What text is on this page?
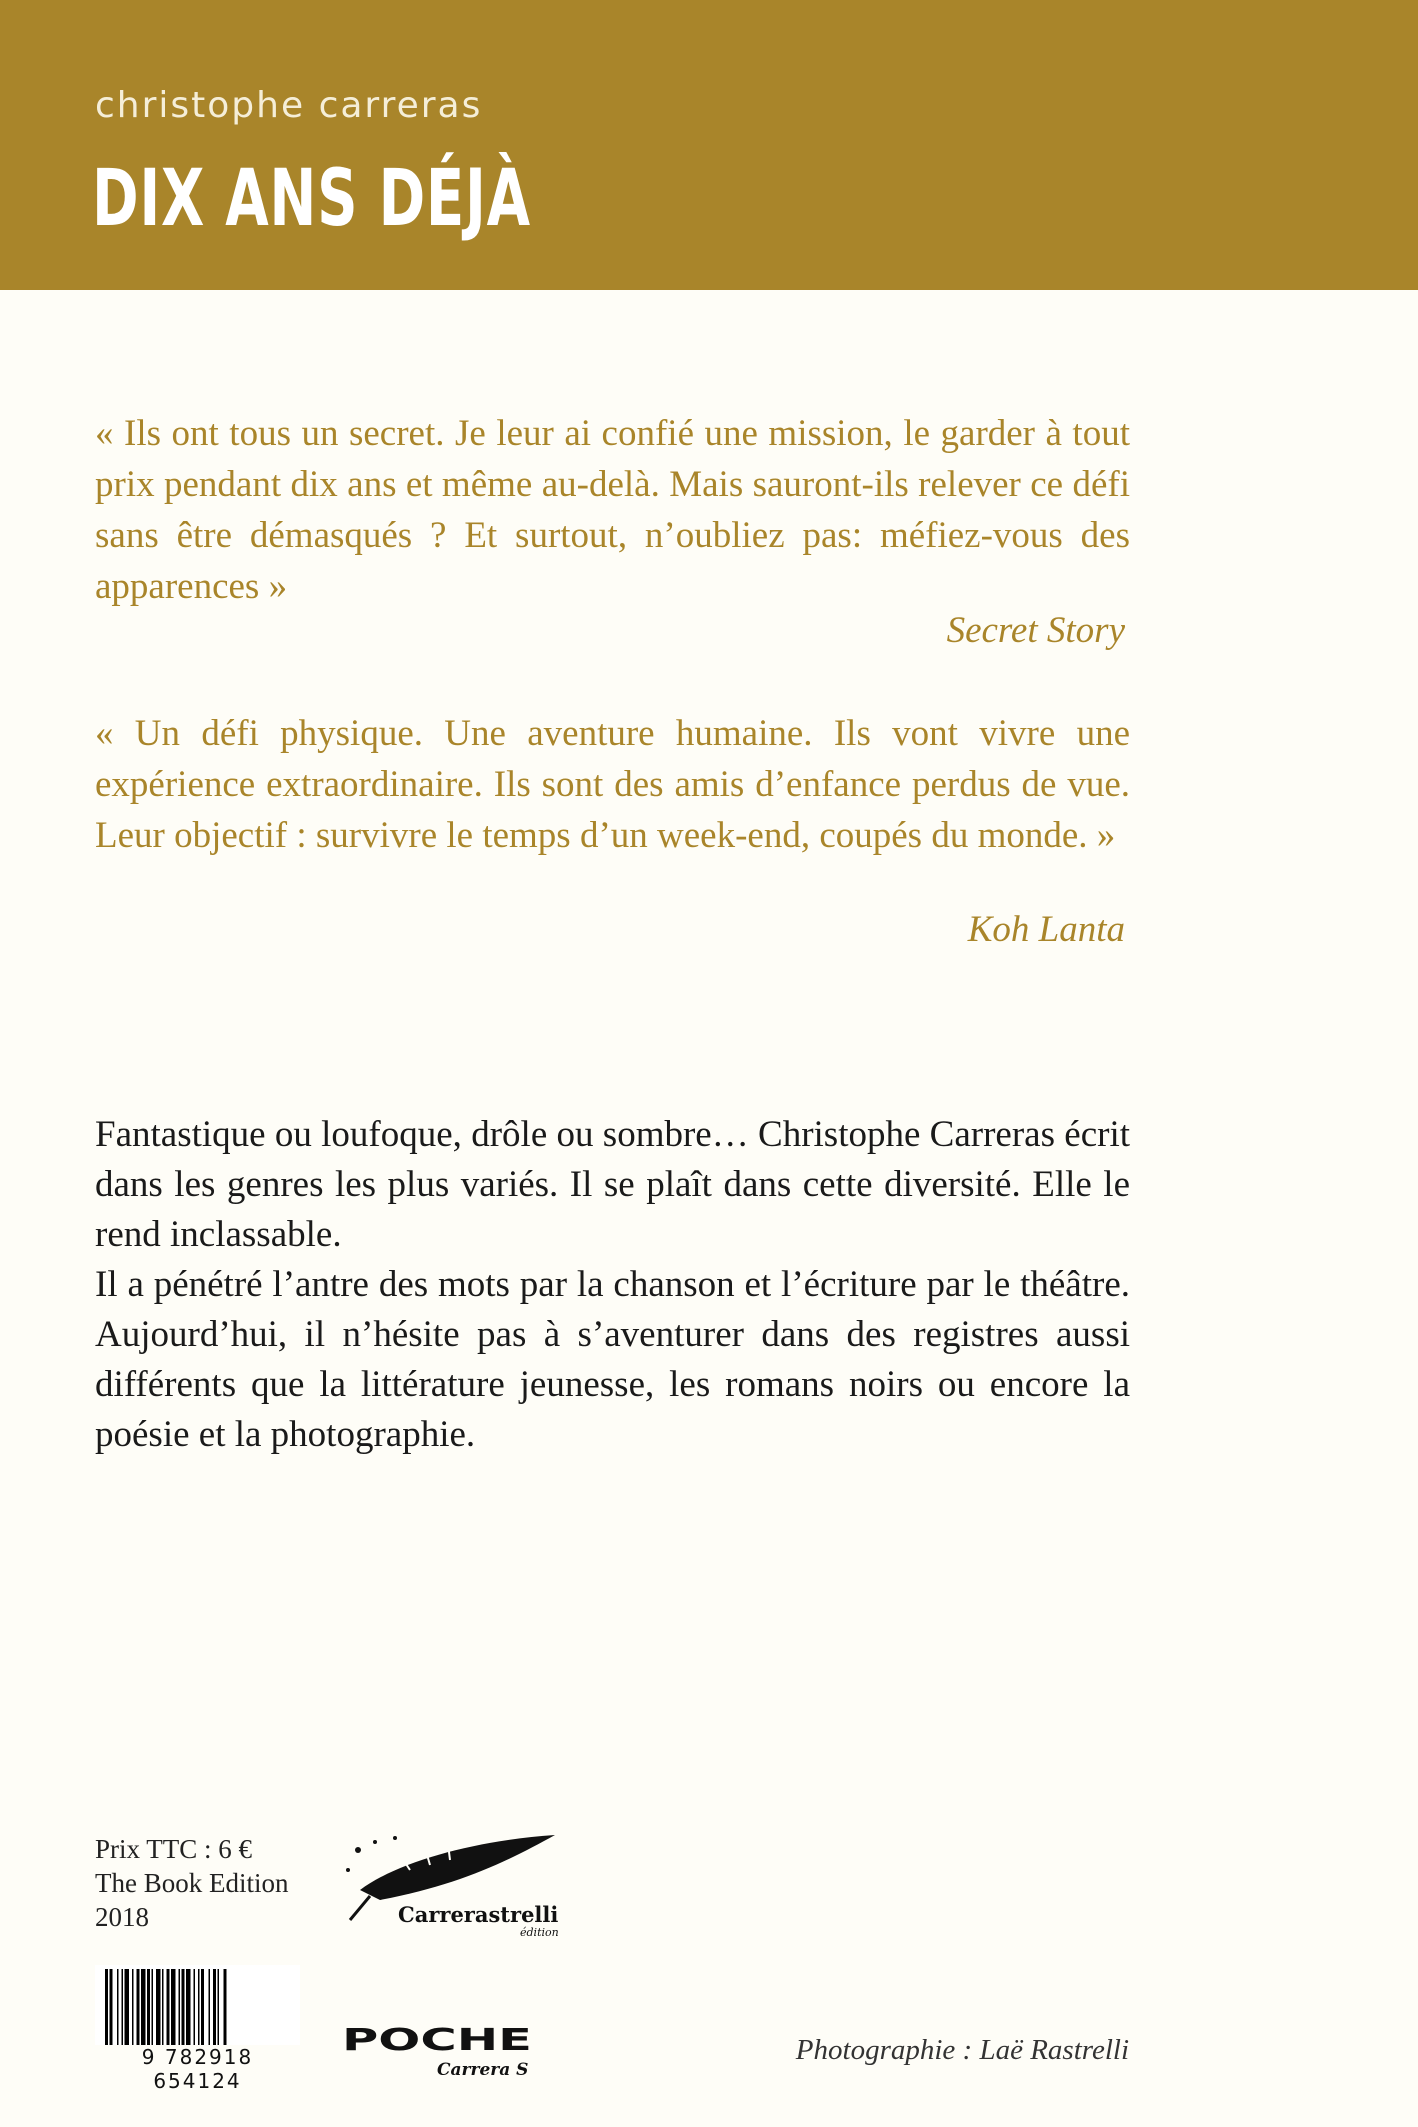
christophe carreras
DIX ANS DÉJÀ
« Ils ont tous un secret. Je leur ai confié une mission, le garder à tout prix pendant dix ans et même au-delà. Mais sauront-ils relever ce défi sans être démasqués ? Et surtout, n’oubliez pas: méfiez-vous des apparences »
Secret Story
« Un défi physique. Une aventure humaine. Ils vont vivre une expérience extraordinaire. Ils sont des amis d’enfance perdus de vue. Leur objectif : survivre le temps d’un week-end, coupés du monde. »
Koh Lanta

Fantastique ou loufoque, drôle ou sombre… Christophe Carreras écrit dans les genres les plus variés. Il se plaît dans cette diversité. Elle le rend inclassable.

Il a pénétré l’antre des mots par la chanson et l’écriture par le théâtre. Aujourd’hui, il n’hésite pas à s’aventurer dans des registres aussi différents que la littérature jeunesse, les romans noirs ou encore la poésie et la photographie.

Prix TTC : 6 €
The Book Edition
2018	Carrerastrelli
édition
9 782918 654124
POCHE
Carrera S
Photographie : Laë Rastrelli
